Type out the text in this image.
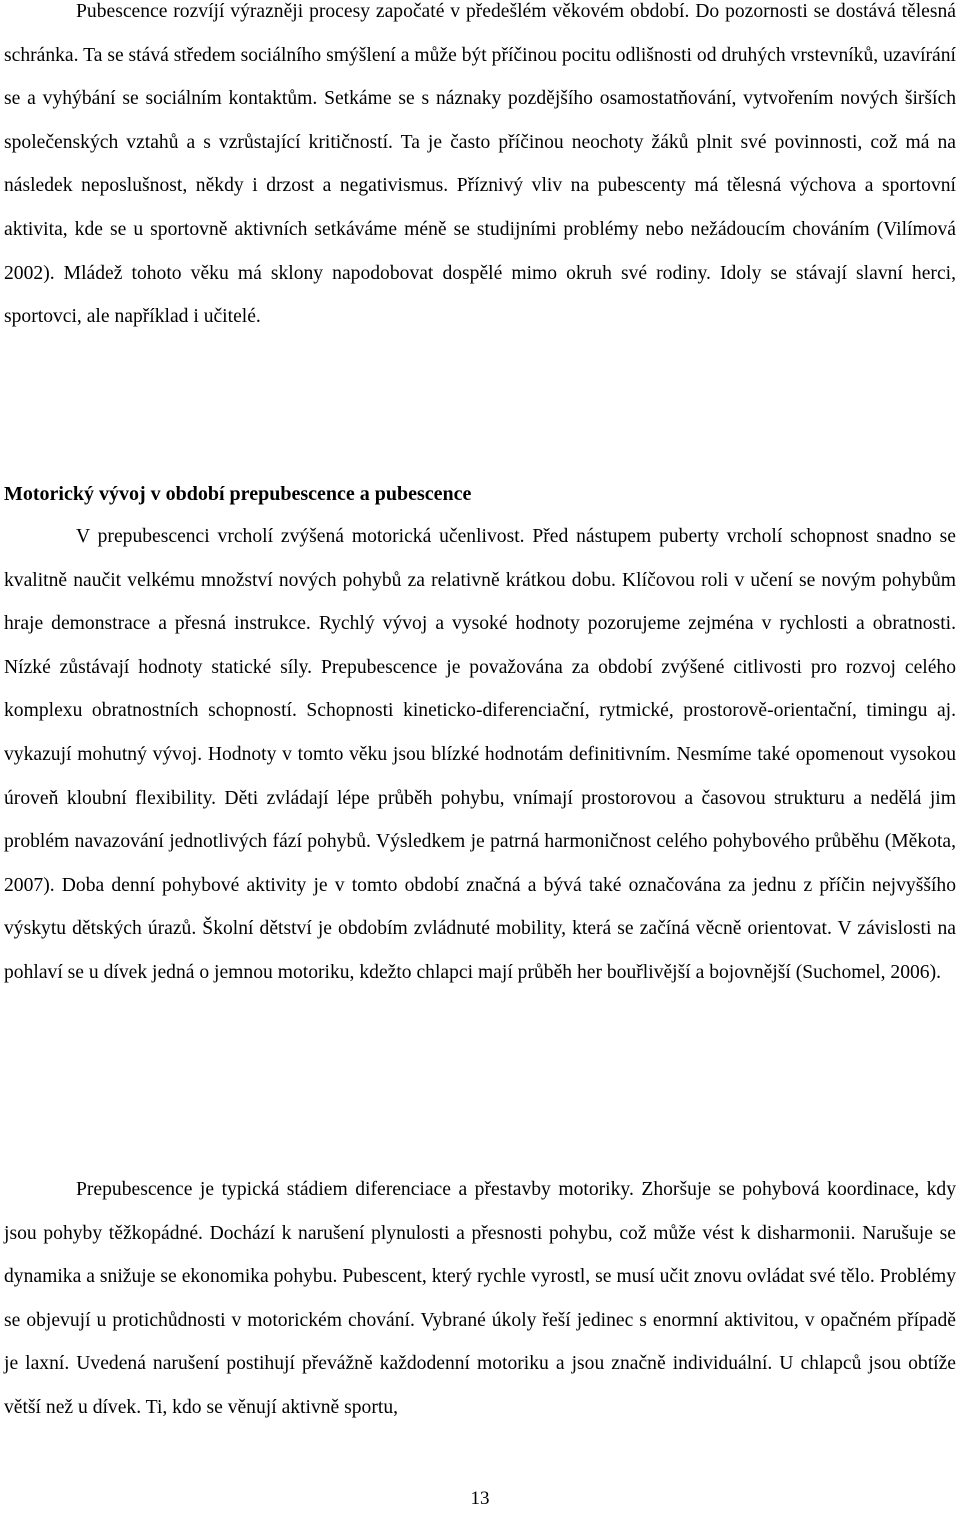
Pubescence rozvíjí výrazněji procesy započaté v předešlém věkovém období. Do pozornosti se dostává tělesná schránka. Ta se stává středem sociálního smýšlení a může být příčinou pocitu odlišnosti od druhých vrstevníků, uzavírání se a vyhýbání se sociálním kontaktům. Setkáme se s náznaky pozdějšího osamostatňování, vytvořením nových širších společenských vztahů a s vzrůstající kritičností. Ta je často příčinou neochoty žáků plnit své povinnosti, což má na následek neposlušnost, někdy i drzost a negativismus. Příznivý vliv na pubescenty má tělesná výchova a sportovní aktivita, kde se u sportovně aktivních setkáváme méně se studijními problémy nebo nežádoucím chováním (Vilímová 2002). Mládež tohoto věku má sklony napodobovat dospělé mimo okruh své rodiny. Idoly se stávají slavní herci, sportovci, ale například i učitelé.

Motorický vývoj v období prepubescence a pubescence

V prepubescenci vrcholí zvýšená motorická učenlivost. Před nástupem puberty vrcholí schopnost snadno se kvalitně naučit velkému množství nových pohybů za relativně krátkou dobu. Klíčovou roli v učení se novým pohybům hraje demonstrace a přesná instrukce. Rychlý vývoj a vysoké hodnoty pozorujeme zejména v rychlosti a obratnosti. Nízké zůstávají hodnoty statické síly. Prepubescence je považována za období zvýšené citlivosti pro rozvoj celého komplexu obratnostních schopností. Schopnosti kineticko-diferenciační, rytmické, prostorově-orientační, timingu aj. vykazují mohutný vývoj. Hodnoty v tomto věku jsou blízké hodnotám definitivním. Nesmíme také opomenout vysokou úroveň kloubní flexibility. Děti zvládají lépe průběh pohybu, vnímají prostorovou a časovou strukturu a nedělá jim problém navazování jednotlivých fází pohybů. Výsledkem je patrná harmoničnost celého pohybového průběhu (Měkota, 2007). Doba denní pohybové aktivity je v tomto období značná a bývá také označována za jednu z příčin nejvyššího výskytu dětských úrazů. Školní dětství je obdobím zvládnuté mobility, která se začíná věcně orientovat. V závislosti na pohlaví se u dívek jedná o jemnou motoriku, kdežto chlapci mají průběh her bouřlivější a bojovnější (Suchomel, 2006).

Prepubescence je typická stádiem diferenciace a přestavby motoriky. Zhoršuje se pohybová koordinace, kdy jsou pohyby těžkopádné. Dochází k narušení plynulosti a přesnosti pohybu, což může vést k disharmonii. Narušuje se dynamika a snižuje se ekonomika pohybu. Pubescent, který rychle vyrostl, se musí učit znovu ovládat své tělo. Problémy se objevují u protichůdnosti v motorickém chování. Vybrané úkoly řeší jedinec s enormní aktivitou, v opačném případě je laxní. Uvedená narušení postihují převážně každodenní motoriku a jsou značně individuální. U chlapců jsou obtíže větší než u dívek. Ti, kdo se věnují aktivně sportu,

13
